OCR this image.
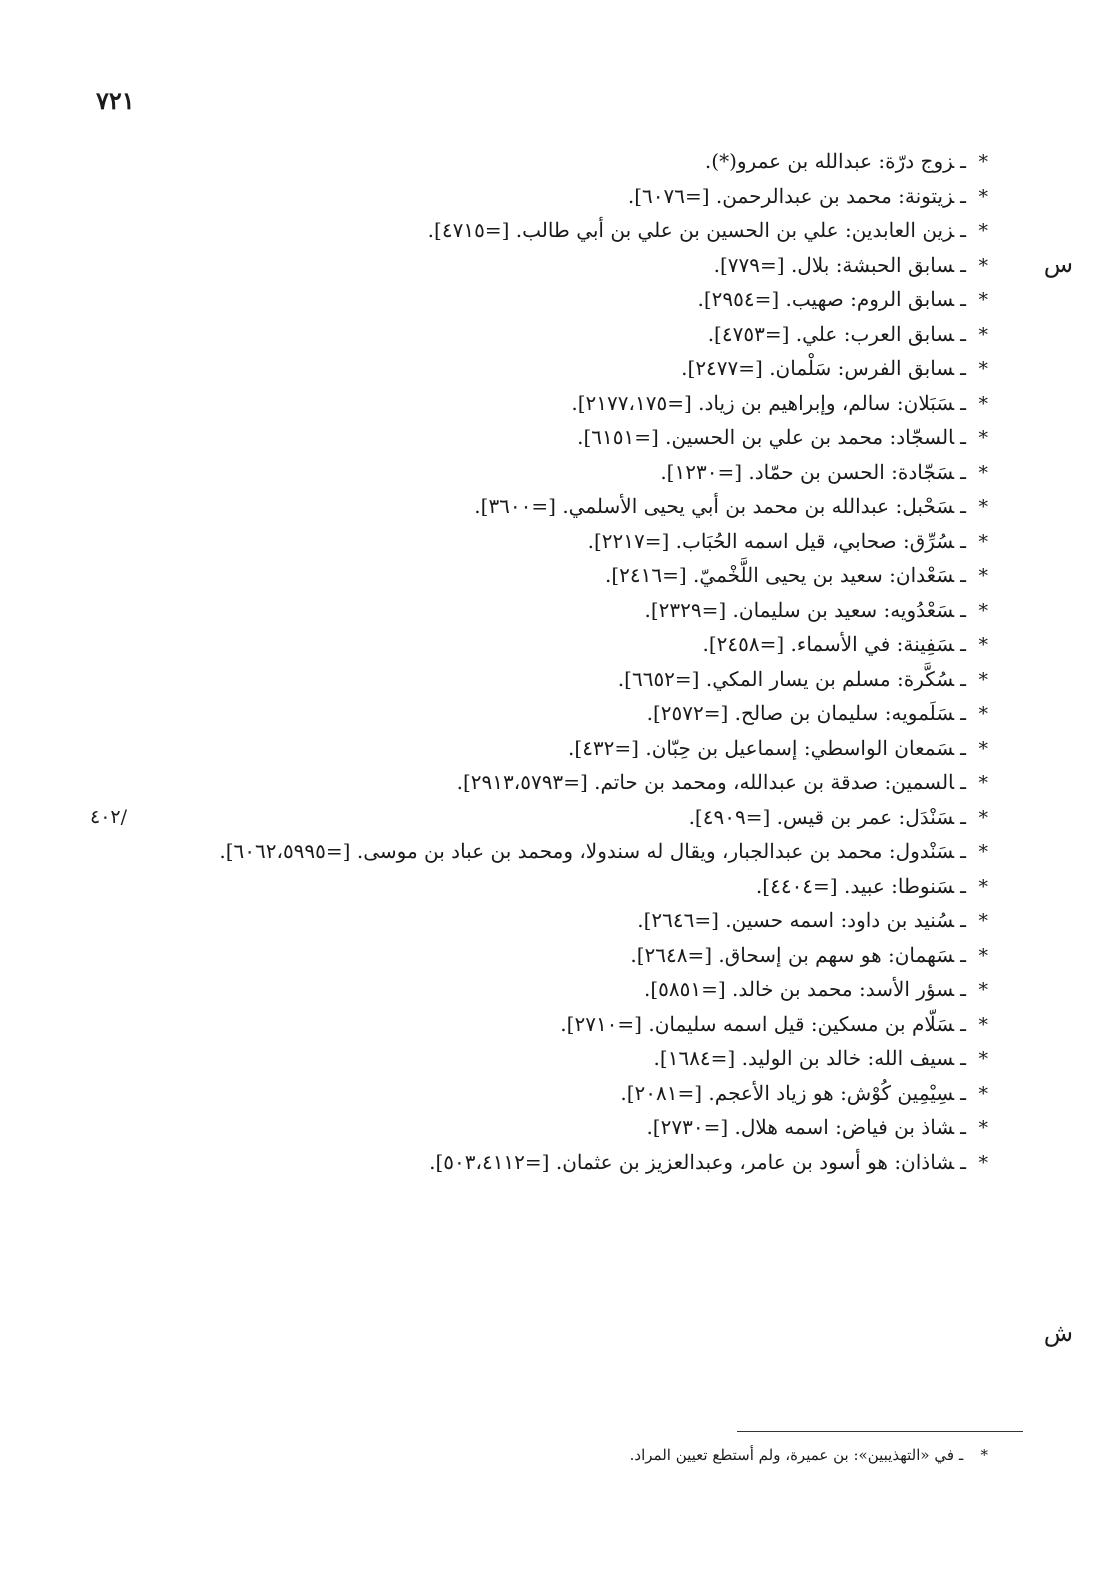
٧٢١
*ـزوج درّة: عبدالله بن عمرو(*).
*ـزيتونة: محمد بن عبدالرحمن. [=٦٠٧٦].
*ـزين العابدين: علي بن الحسين بن علي بن أبي طالب. [=٤٧١٥].
*ـسابق الحبشة: بلال. [=٧٧٩].
*ـسابق الروم: صهيب. [=٢٩٥٤].
*ـسابق العرب: علي. [=٤٧٥٣].
*ـسابق الفرس: سَلْمان. [=٢٤٧٧].
*ـسَبَلان: سالم، وإبراهيم بن زياد. [=٢١٧٧،١٧٥].
*ـالسجّاد: محمد بن علي بن الحسين. [=٦١٥١].
*ـسَجّادة: الحسن بن حمّاد. [=١٢٣٠].
*ـسَحْبل: عبدالله بن محمد بن أبي يحيى الأسلمي. [=٣٦٠٠].
*ـسُرِّق: صحابي، قيل اسمه الحُبَاب. [=٢٢١٧].
*ـسَعْدان: سعيد بن يحيى اللَّخْميّ. [=٢٤١٦].
*ـسَعْدُويه: سعيد بن سليمان. [=٢٣٢٩].
*ـسَفِينة: في الأسماء. [=٢٤٥٨].
*ـسُكَّرة: مسلم بن يسار المكي. [=٦٦٥٢].
*ـسَلَمويه: سليمان بن صالح. [=٢٥٧٢].
*ـسَمعان الواسطي: إسماعيل بن حِبّان. [=٤٣٢].
*ـالسمين: صدقة بن عبدالله، ومحمد بن حاتم. [=٢٩١٣،٥٧٩٣].
*ـسَنْدَل: عمر بن قيس. [=٤٩٠٩].
*ـسَنْدول: محمد بن عبدالجبار، ويقال له سندولا، ومحمد بن عباد بن موسى. [=٦٠٦٢،٥٩٩٥].
*ـسَنوطا: عبيد. [=٤٤٠٤].
*ـسُنيد بن داود: اسمه حسين. [=٢٦٤٦].
*ـسَهمان: هو سهم بن إسحاق. [=٢٦٤٨].
*ـسؤر الأسد: محمد بن خالد. [=٥٨٥١].
*ـسَلّام بن مسكين: قيل اسمه سليمان. [=٢٧١٠].
*ـسيف الله: خالد بن الوليد. [=١٦٨٤].
*ـسِيْمِين كُوْش: هو زياد الأعجم. [=٢٠٨١].
*ـشاذ بن فياض: اسمه هلال. [=٢٧٣٠].
*ـشاذان: هو أسود بن عامر، وعبدالعزيز بن عثمان. [=٥٠٣،٤١١٢].
س
ش
/٤٠٢
* ـ في «التهذيبين»: بن عميرة، ولم أستطع تعيين المراد.
